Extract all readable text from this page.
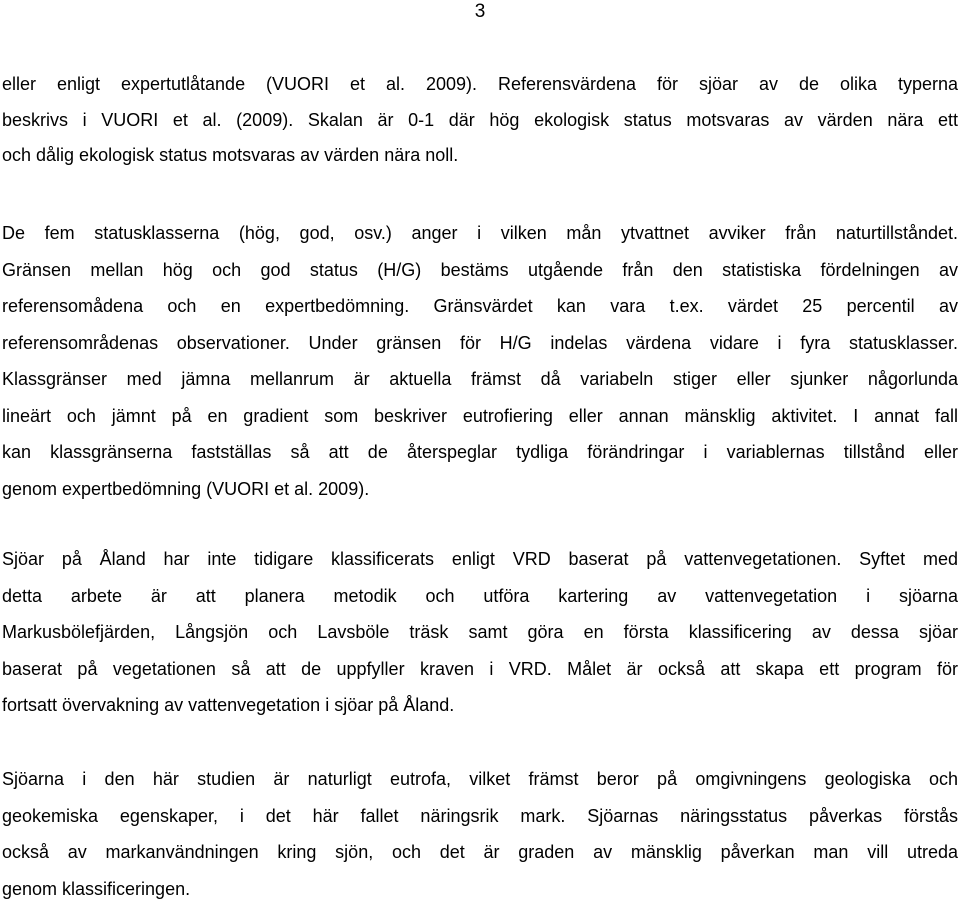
3
eller enligt expertutlåtande (VUORI et al. 2009). Referensvärdena för sjöar av de olika typerna
beskrivs i VUORI et al. (2009). Skalan är 0-1 där hög ekologisk status motsvaras av värden nära ett
och dålig ekologisk status motsvaras av värden nära noll.
De fem statusklasserna (hög, god, osv.) anger i vilken mån ytvattnet avviker från naturtillståndet.
Gränsen mellan hög och god status (H/G) bestäms utgående från den statistiska fördelningen av
referensomådena och en expertbedömning. Gränsvärdet kan vara t.ex. värdet 25 percentil av
referensområdenas observationer. Under gränsen för H/G indelas värdena vidare i fyra statusklasser.
Klassgränser med jämna mellanrum är aktuella främst då variabeln stiger eller sjunker någorlunda
lineärt och jämnt på en gradient som beskriver eutrofiering eller annan mänsklig aktivitet. I annat fall
kan klassgränserna fastställas så att de återspeglar tydliga förändringar i variablernas tillstånd eller
genom expertbedömning (VUORI et al. 2009).
Sjöar på Åland har inte tidigare klassificerats enligt VRD baserat på vattenvegetationen. Syftet med
detta arbete är att planera metodik och utföra kartering av vattenvegetation i sjöarna
Markusbölefjärden, Långsjön och Lavsböle träsk samt göra en första klassificering av dessa sjöar
baserat på vegetationen så att de uppfyller kraven i VRD. Målet är också att skapa ett program för
fortsatt övervakning av vattenvegetation i sjöar på Åland.
Sjöarna i den här studien är naturligt eutrofa, vilket främst beror på omgivningens geologiska och
geokemiska egenskaper, i det här fallet näringsrik mark. Sjöarnas näringsstatus påverkas förstås
också av markanvändningen kring sjön, och det är graden av mänsklig påverkan man vill utreda
genom klassificeringen.
